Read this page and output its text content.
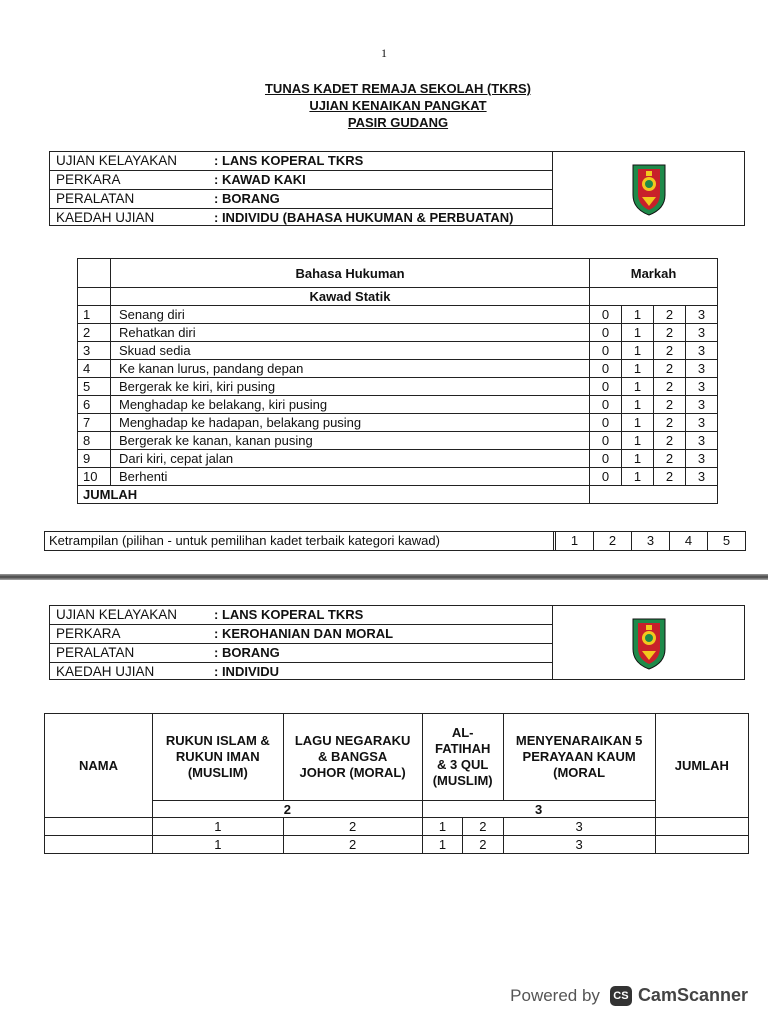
1
TUNAS KADET REMAJA SEKOLAH (TKRS)
UJIAN KENAIKAN PANGKAT
PASIR GUDANG
UJIAN KELAYAKAN	: LANS KOPERAL TKRS
PERKARA	: KAWAD KAKI
PERALATAN	: BORANG
KAEDAH UJIAN	: INDIVIDU (BAHASA HUKUMAN & PERBUATAN)
	Bahasa Hukuman	Markah			
	Kawad Statik				
1	Senang diri	0	1	2	3
2	Rehatkan diri	0	1	2	3
3	Skuad sedia	0	1	2	3
4	Ke kanan lurus, pandang depan	0	1	2	3
5	Bergerak ke kiri, kiri pusing	0	1	2	3
6	Menghadap ke belakang, kiri pusing	0	1	2	3
7	Menghadap ke hadapan, belakang pusing	0	1	2	3
8	Bergerak ke kanan, kanan pusing	0	1	2	3
9	Dari kiri, cepat jalan	0	1	2	3
10	Berhenti	0	1	2	3
JUMLAH					
Ketrampilan (pilihan - untuk pemilihan kadet terbaik kategori kawad)	1	2	3	4	5
UJIAN KELAYAKAN	: LANS KOPERAL TKRS
PERKARA	: KEROHANIAN DAN MORAL
PERALATAN	: BORANG
KAEDAH UJIAN	: INDIVIDU
NAMA	RUKUN ISLAM & RUKUN IMAN (MUSLIM)	LAGU NEGARAKU & BANGSA JOHOR (MORAL)	AL-FATIHAH & 3 QUL (MUSLIM)		MENYENARAIKAN 5 PERAYAAN KAUM (MORAL	JUMLAH
	2		3			
	1	2	1	2	3	
	1	2	1	2	3	
Powered by	CS CamScanner
